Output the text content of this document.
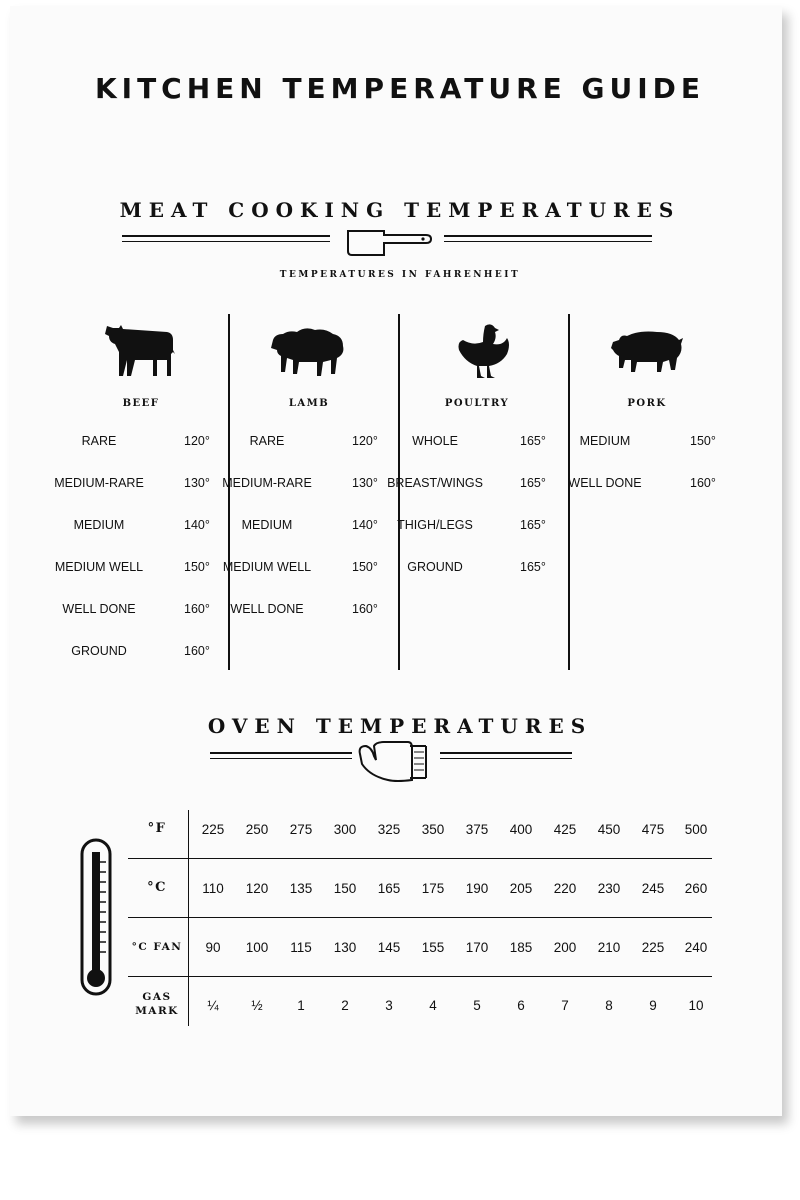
KITCHEN TEMPERATURE GUIDE
MEAT COOKING TEMPERATURES
TEMPERATURES IN FAHRENHEIT
BEEF
RARE	120°
MEDIUM-RARE	130°
MEDIUM	140°
MEDIUM WELL	150°
WELL DONE	160°
GROUND	160°
LAMB
RARE	120°
MEDIUM-RARE	130°
MEDIUM	140°
MEDIUM WELL	150°
WELL DONE	160°
POULTRY
WHOLE	165°
BREAST/WINGS	165°
THIGH/LEGS	165°
GROUND	165°
PORK
MEDIUM	150°
WELL DONE	160°
OVEN TEMPERATURES
°F	225	250	275	300	325	350	375	400	425	450	475	500
°C	110	120	135	150	165	175	190	205	220	230	245	260
°C FAN	90	100	115	130	145	155	170	185	200	210	225	240
GAS MARK	¼	½	1	2	3	4	5	6	7	8	9	10
